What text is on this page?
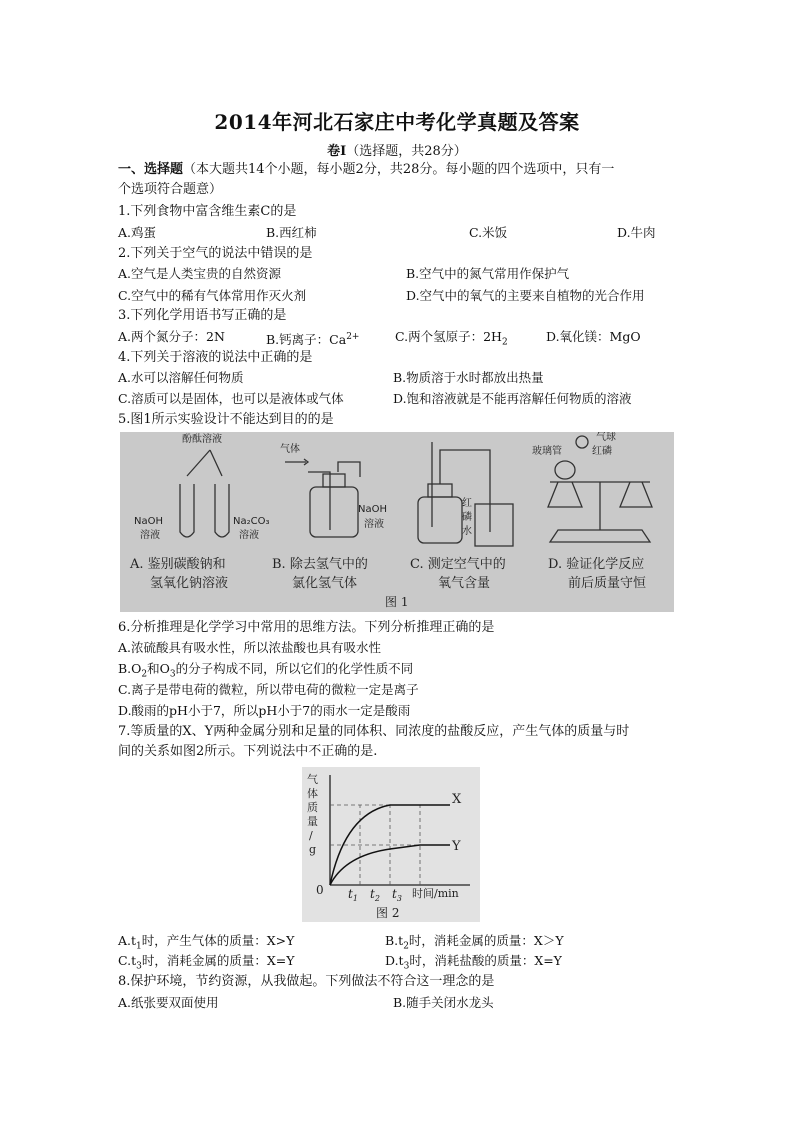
2014年河北石家庄中考化学真题及答案
卷Ⅰ（选择题，共28分）
一、选择题（本大题共14个小题，每小题2分，共28分。每小题的四个选项中，只有一
个选项符合题意）
1.下列食物中富含维生素C的是
A.鸡蛋	B.西红柿	C.米饭	D.牛肉
2.下列关于空气的说法中错误的是
A.空气是人类宝贵的自然资源	B.空气中的氮气常用作保护气
C.空气中的稀有气体常用作灭火剂	D.空气中的氧气的主要来自植物的光合作用
3.下列化学用语书写正确的是
A.两个氮分子：2N	B.钙离子：$Ca^{2+}$	C.两个氢原子：$2H_2$	D.氧化镁：MgO
4.下列关于溶液的说法中正确的是
A.水可以溶解任何物质	B.物质溶于水时都放出热量
C.溶质可以是固体，也可以是液体或气体	D.饱和溶液就是不能再溶解任何物质的溶液
5.图1所示实验设计不能达到目的的是
酚酞溶液
NaOH
溶液
Na₂CO₃
溶液
气体
NaOH
溶液
红
磷
水
玻璃管
气球
红磷
A. 鉴别碳酸钠和
氢氧化钠溶液
B. 除去氢气中的
氯化氢气体
C. 测定空气中的
氧气含量
D. 验证化学反应
前后质量守恒
图 1
6.分析推理是化学学习中常用的思维方法。下列分析推理正确的是
A.浓硫酸具有吸水性，所以浓盐酸也具有吸水性
$B.O_2$和$O_3$的分子构成不同，所以它们的化学性质不同
C.离子是带电荷的微粒，所以带电荷的微粒一定是离子
D.酸雨的pH小于7，所以pH小于7的雨水一定是酸雨
7.等质量的X、Y两种金属分别和足量的同体积、同浓度的盐酸反应，产生气体的质量与时
间的关系如图2所示。下列说法中不正确的是.
气
体
质
量
/
g
0
X
Y
$t_1$ $t_2$ $t_3$ 时间/min
图 2
$A.t_1$时，产生气体的质量：X>Y	$B.t_2$时，消耗金属的质量：X＞Y
$C.t_3$时，消耗金属的质量：X=Y	$D.t_3$时，消耗盐酸的质量：X=Y
8.保护环境，节约资源，从我做起。下列做法不符合这一理念的是
A.纸张要双面使用	B.随手关闭水龙头
